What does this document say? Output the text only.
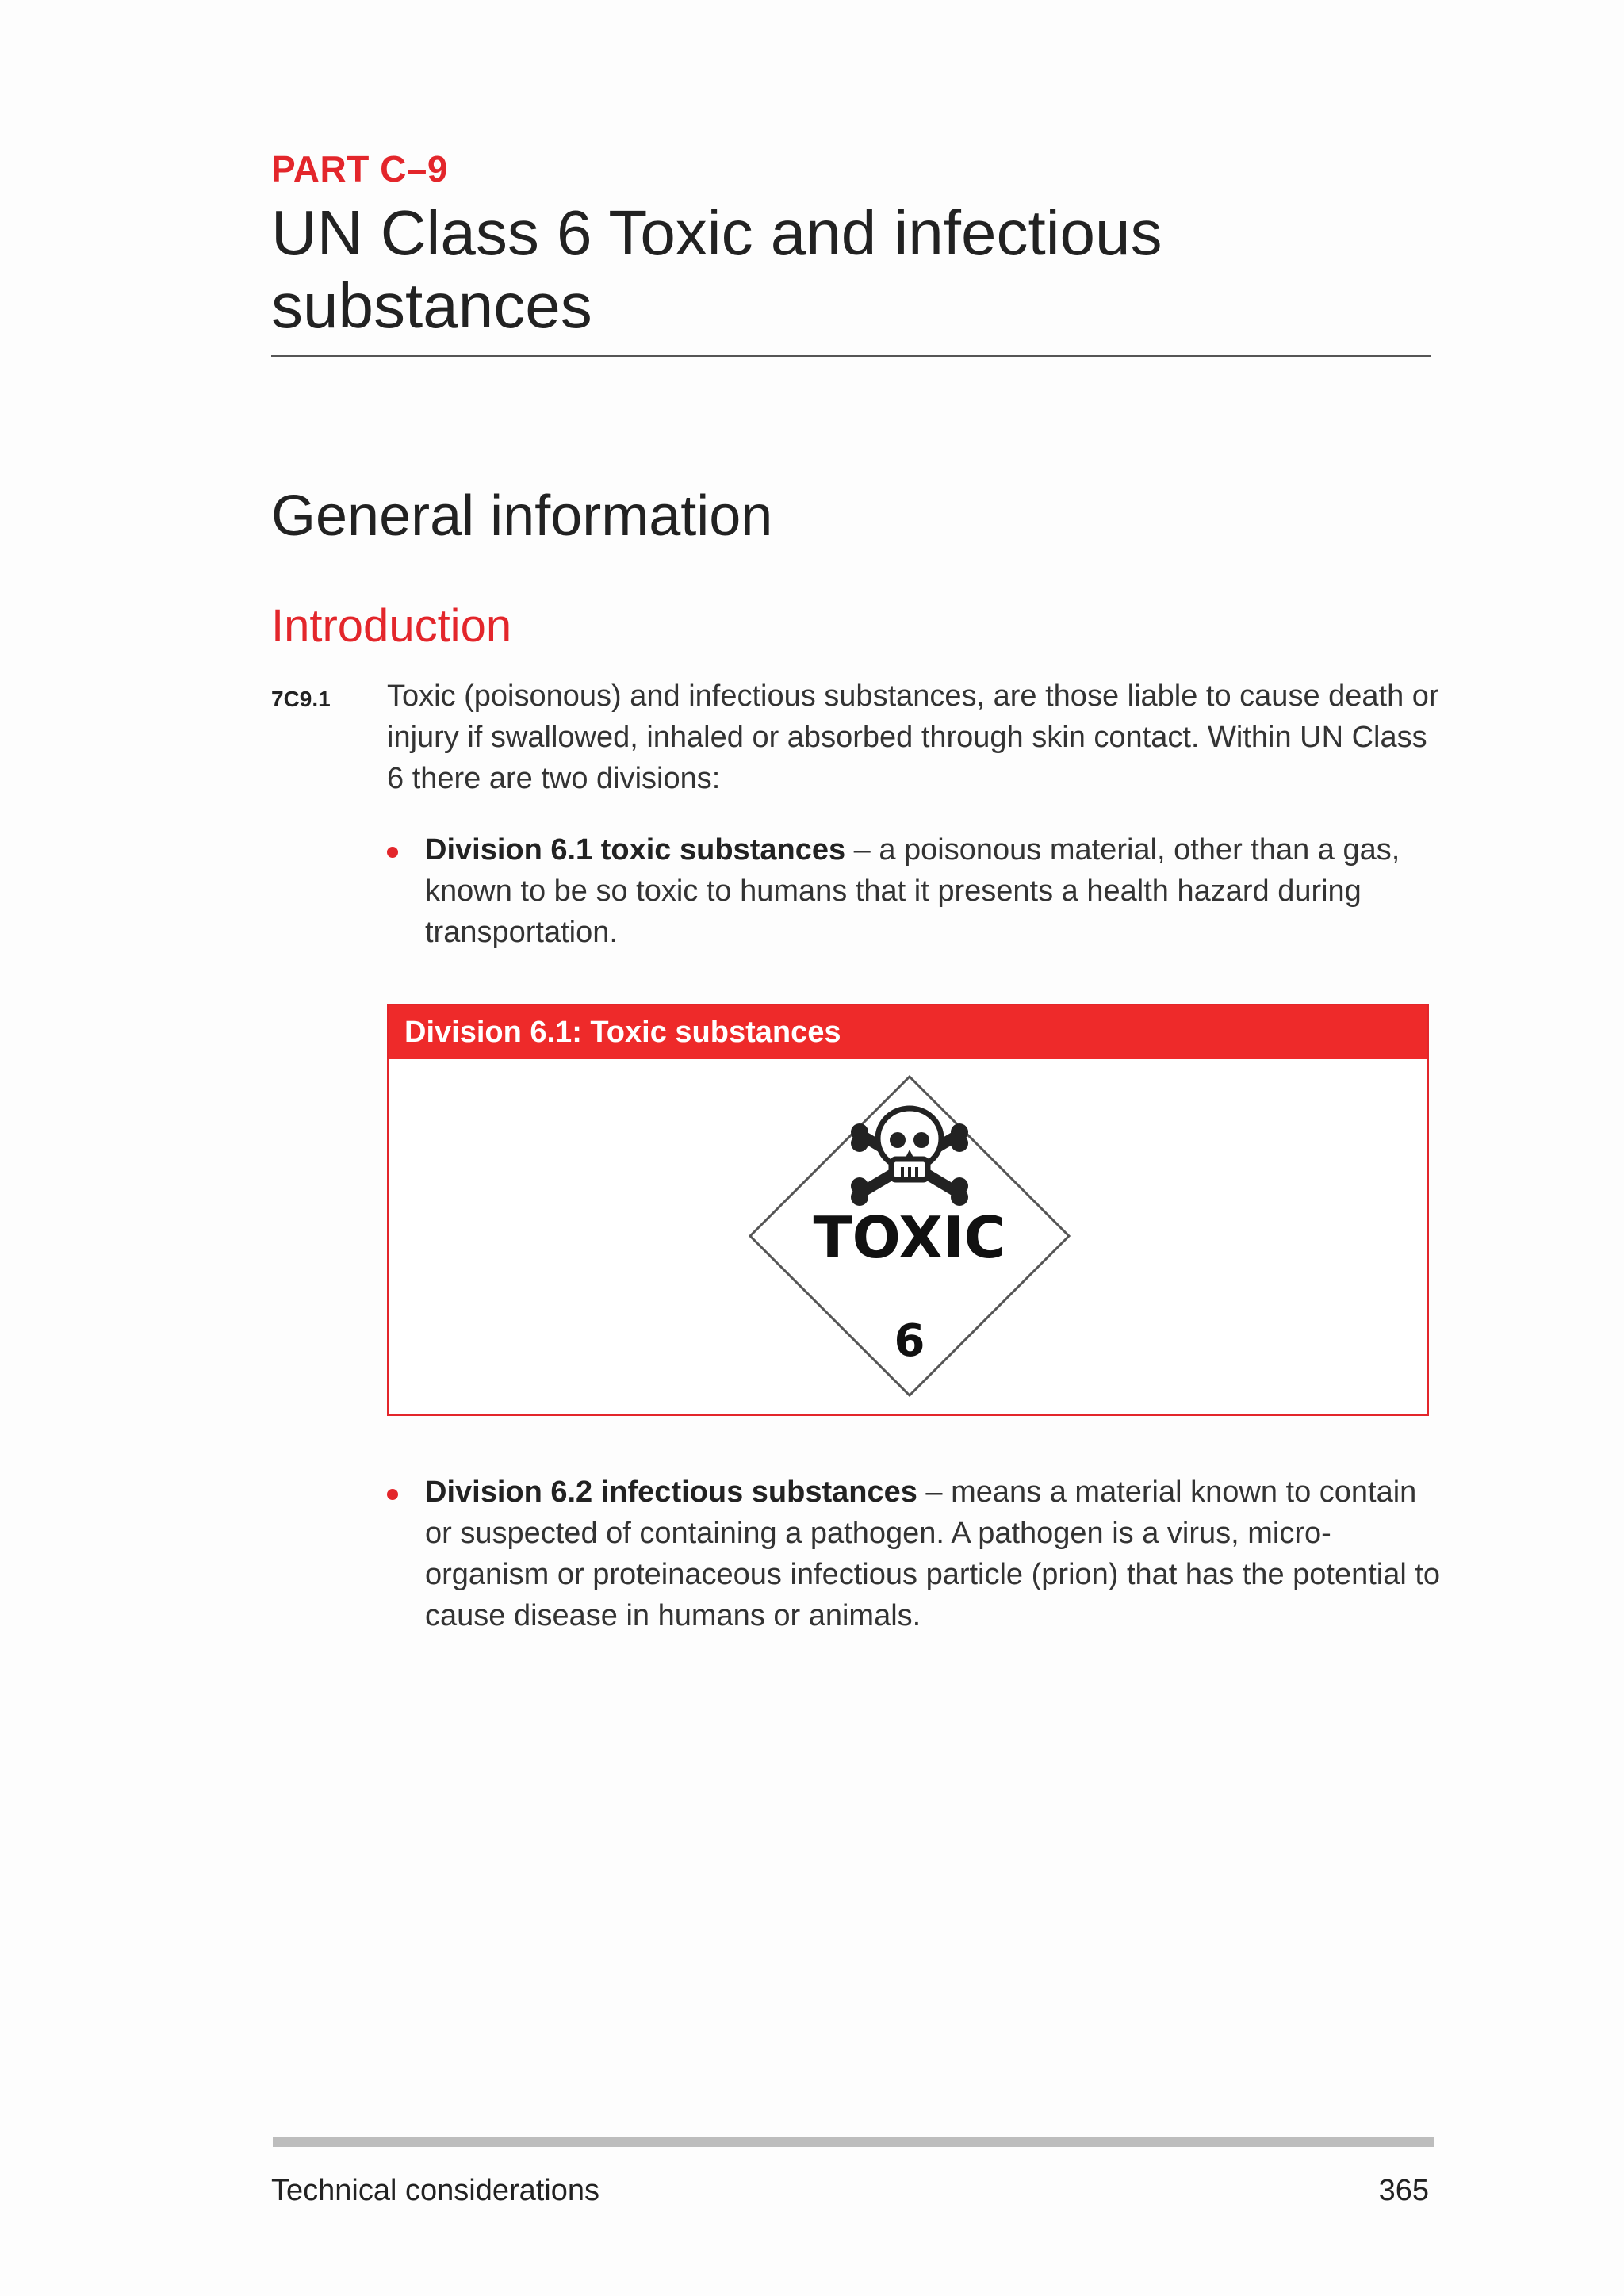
PART C–9
UN Class 6 Toxic and infectious substances
General information
Introduction
7C9.1 Toxic (poisonous) and infectious substances, are those liable to cause death or injury if swallowed, inhaled or absorbed through skin contact. Within UN Class 6 there are two divisions:

Division 6.1 toxic substances – a poisonous material, other than a gas, known to be so toxic to humans that it presents a health hazard during transportation.

Division 6.1: Toxic substances
TOXIC
6

Division 6.2 infectious substances – means a material known to contain or suspected of containing a pathogen. A pathogen is a virus, micro-organism or proteinaceous infectious particle (prion) that has the potential to cause disease in humans or animals.

Technical considerations	365
